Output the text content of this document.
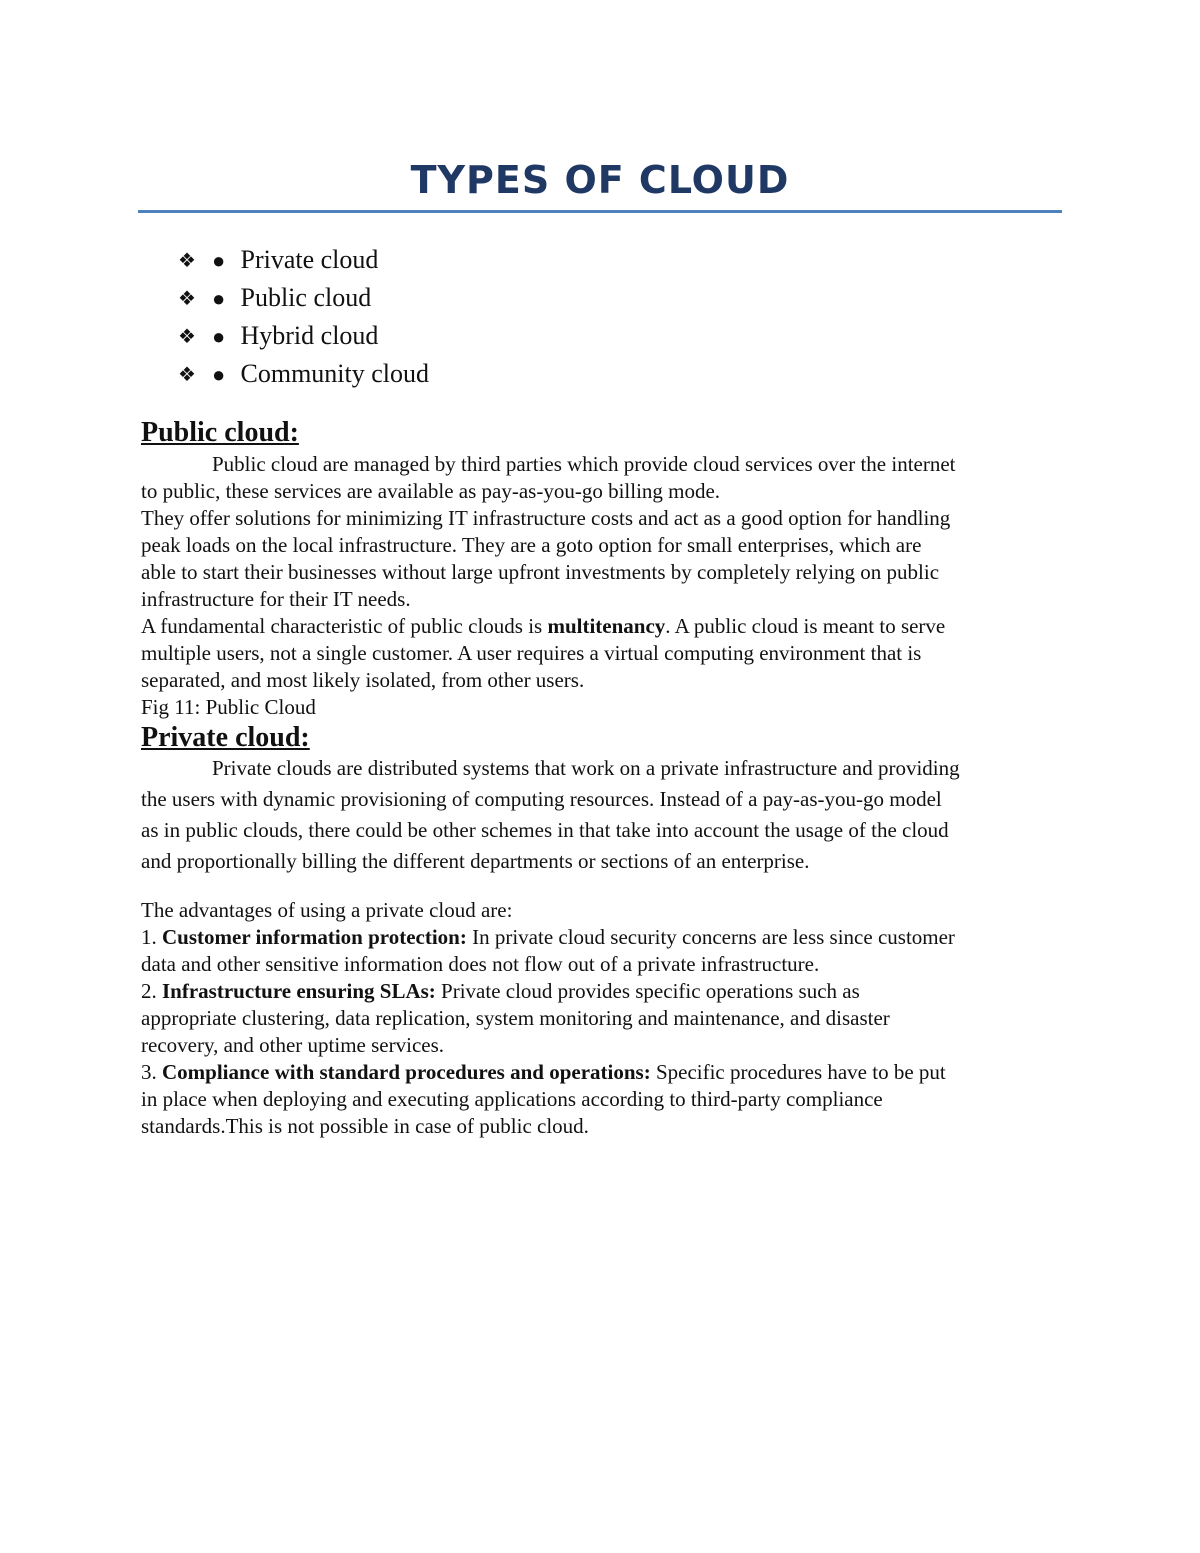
TYPES OF CLOUD
❖ ● Private cloud
❖ ● Public cloud
❖ ● Hybrid cloud
❖ ● Community cloud
Public cloud:
Public cloud are managed by third parties which provide cloud services over the internet
to public, these services are available as pay-as-you-go billing mode.
They offer solutions for minimizing IT infrastructure costs and act as a good option for handling
peak loads on the local infrastructure. They are a goto option for small enterprises, which are
able to start their businesses without large upfront investments by completely relying on public
infrastructure for their IT needs.
A fundamental characteristic of public clouds is multitenancy. A public cloud is meant to serve
multiple users, not a single customer. A user requires a virtual computing environment that is
separated, and most likely isolated, from other users.
Fig 11: Public Cloud
Private cloud:
Private clouds are distributed systems that work on a private infrastructure and providing
the users with dynamic provisioning of computing resources. Instead of a pay-as-you-go model
as in public clouds, there could be other schemes in that take into account the usage of the cloud
and proportionally billing the different departments or sections of an enterprise.
The advantages of using a private cloud are:
1. Customer information protection: In private cloud security concerns are less since customer
data and other sensitive information does not flow out of a private infrastructure.
2. Infrastructure ensuring SLAs: Private cloud provides specific operations such as
appropriate clustering, data replication, system monitoring and maintenance, and disaster
recovery, and other uptime services.
3. Compliance with standard procedures and operations: Specific procedures have to be put
in place when deploying and executing applications according to third-party compliance
standards.This is not possible in case of public cloud.
